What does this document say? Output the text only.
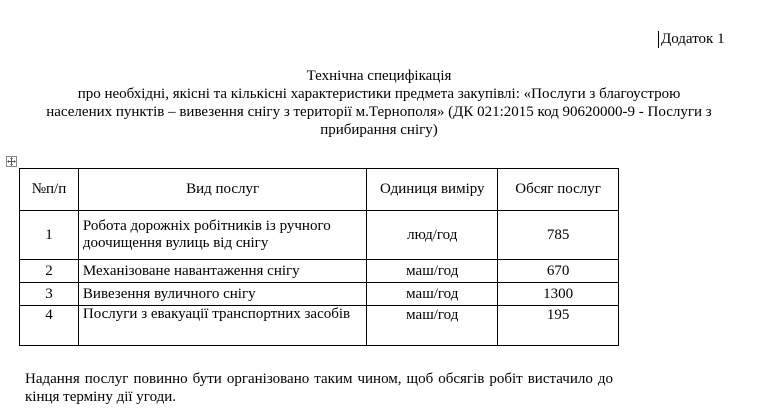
Додаток 1
Технічна специфікація
про необхідні, якісні та кількісні характеристики предмета закупівлі: «Послуги з благоустрою
населених пунктів – вивезення снігу з території м.Тернополя» (ДК 021:2015 код 90620000-9 - Послуги з
прибирання снігу)
№п/п	Вид послуг	Одиниця виміру	Обсяг послуг
1	Робота дорожніх робітників із ручного доочищення вулиць від снігу	люд/год	785
2	Механізоване навантаження снігу	маш/год	670
3	Вивезення вуличного снігу	маш/год	1300
4	Послуги з евакуації транспортних засобів	маш/год	195
Надання послуг повинно бути організовано таким чином, щоб обсягів робіт вистачило до кінця терміну дії угоди.
